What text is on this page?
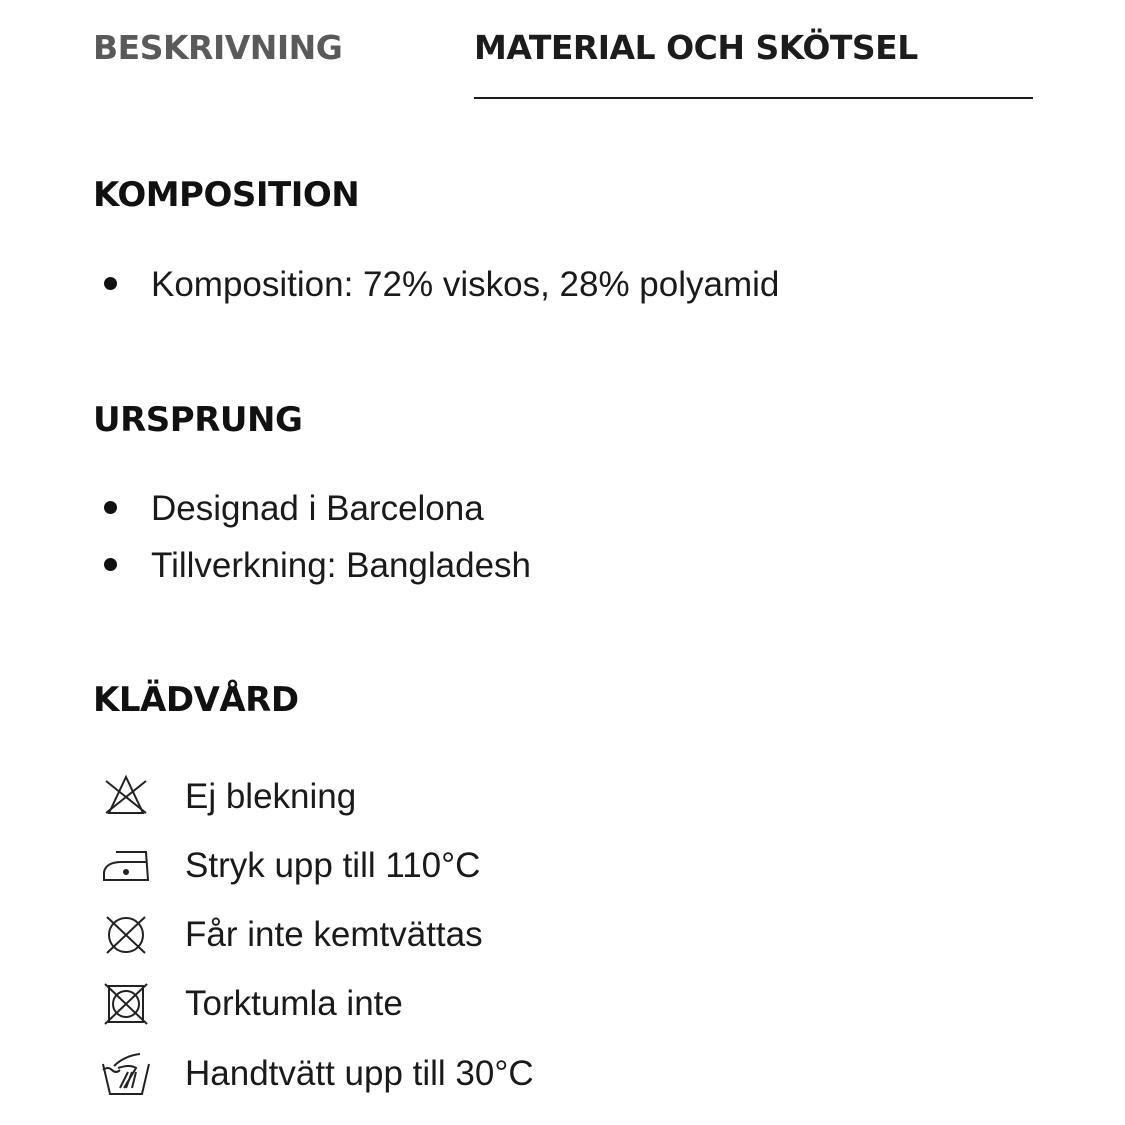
BESKRIVNING	MATERIAL OCH SKÖTSEL
KOMPOSITION
Komposition: 72% viskos, 28% polyamid
URSPRUNG
Designad i Barcelona
Tillverkning: Bangladesh
KLÄDVÅRD
Ej blekning
Stryk upp till 110°C
Får inte kemtvättas
Torktumla inte
Handtvätt upp till 30°C
